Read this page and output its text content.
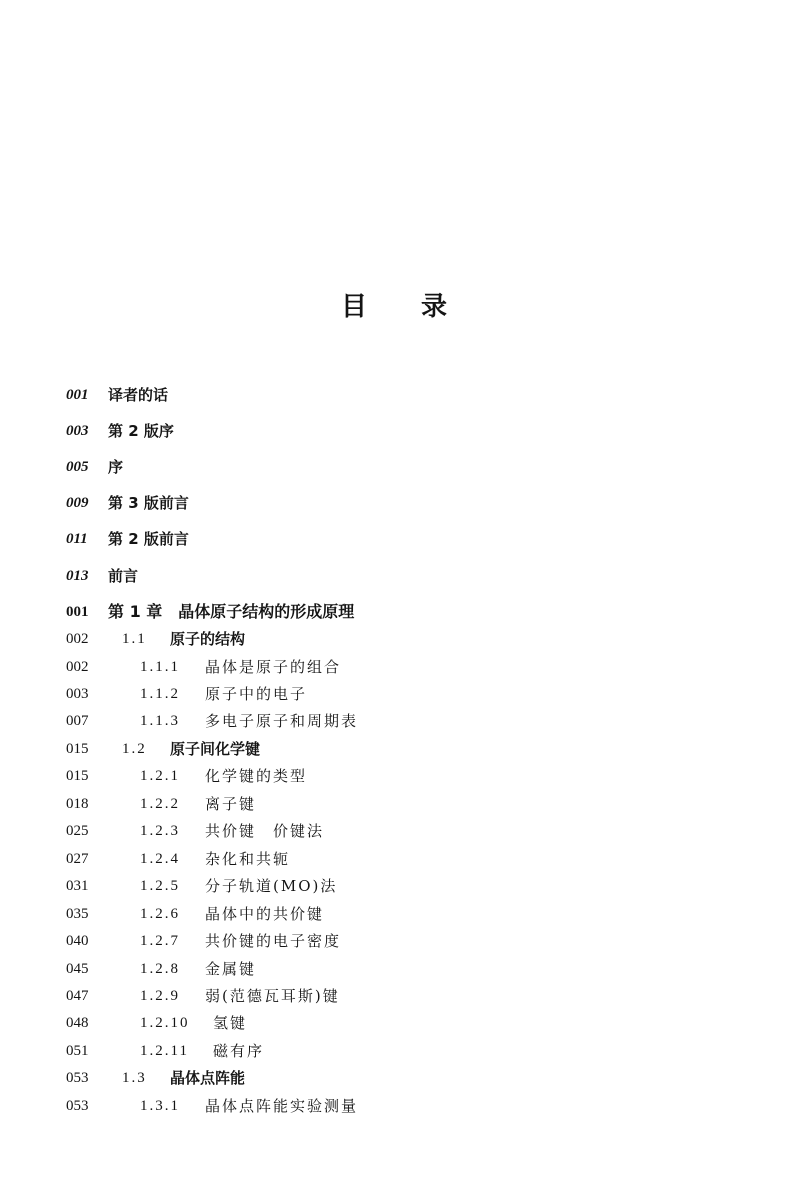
目 录
001 译者的话
003 第 2 版序
005 序
009 第 3 版前言
011 第 2 版前言
013 前言
001 第 1 章 晶体原子结构的形成原理
002 1.1 原子的结构
002	1.1.1 晶体是原子的组合
003	1.1.2 原子中的电子
007	1.1.3 多电子原子和周期表
015 1.2 原子间化学键
015	1.2.1 化学键的类型
018	1.2.2 离子键
025	1.2.3 共价键　价键法
027	1.2.4 杂化和共轭
031	1.2.5 分子轨道(MO)法
035	1.2.6 晶体中的共价键
040	1.2.7 共价键的电子密度
045	1.2.8 金属键
047	1.2.9 弱(范德瓦耳斯)键
048	1.2.10 氢键
051	1.2.11 磁有序
053 1.3 晶体点阵能
053	1.3.1 晶体点阵能实验测量
